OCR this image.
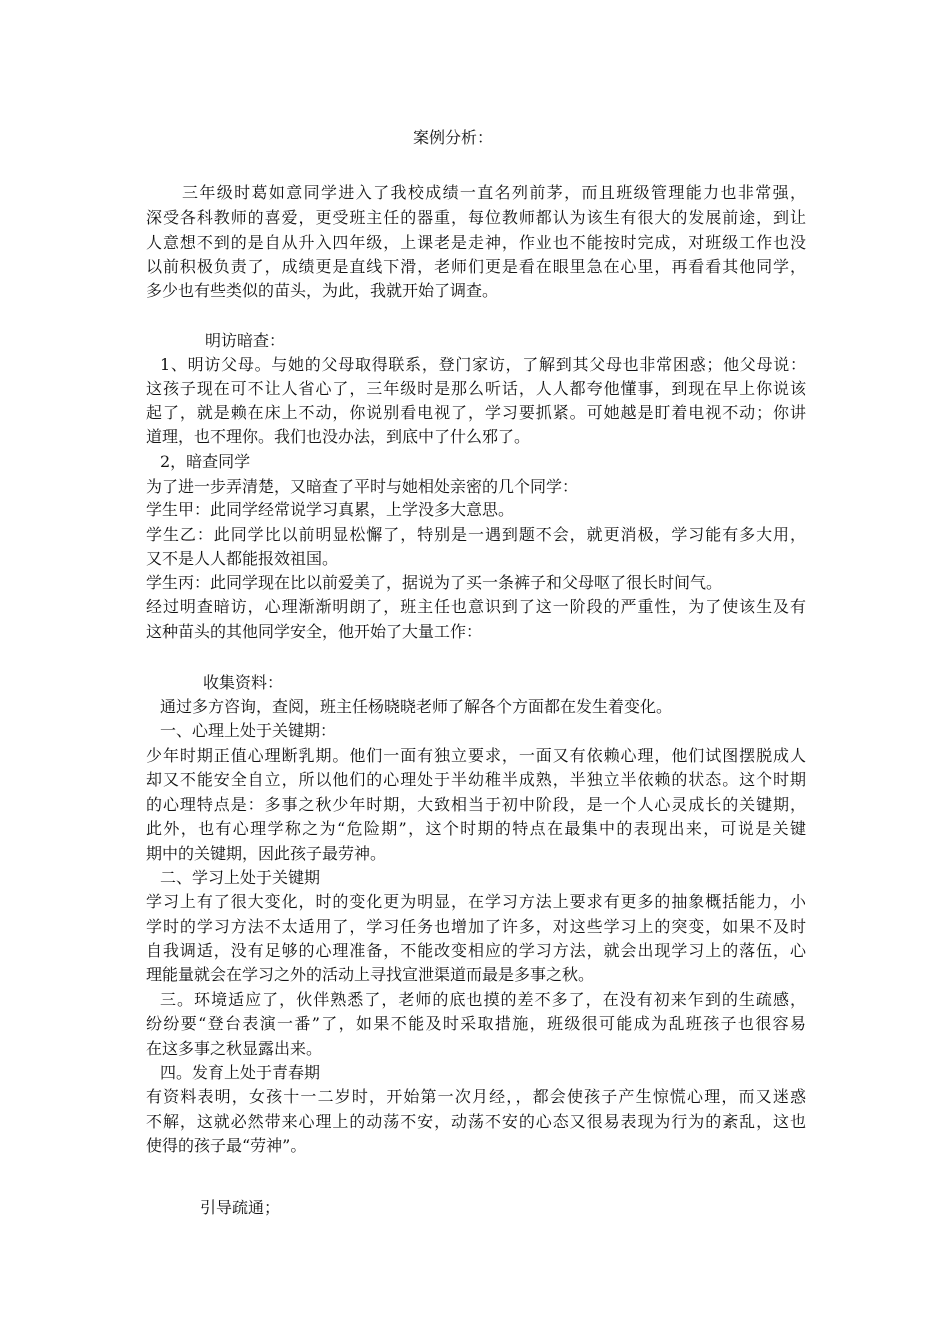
案例分析：
三年级时葛如意同学进入了我校成绩一直名列前茅，而且班级管理能力也非常强，
深受各科教师的喜爱，更受班主任的器重，每位教师都认为该生有很大的发展前途，到让
人意想不到的是自从升入四年级，上课老是走神，作业也不能按时完成，对班级工作也没
以前积极负责了，成绩更是直线下滑，老师们更是看在眼里急在心里，再看看其他同学，
多少也有些类似的苗头，为此，我就开始了调查。
明访暗查：
1、明访父母。与她的父母取得联系，登门家访，了解到其父母也非常困惑；他父母说：
这孩子现在可不让人省心了，三年级时是那么听话，人人都夸他懂事，到现在早上你说该
起了，就是赖在床上不动，你说别看电视了，学习要抓紧。可她越是盯着电视不动；你讲
道理，也不理你。我们也没办法，到底中了什么邪了。
2，暗查同学
为了进一步弄清楚，又暗查了平时与她相处亲密的几个同学：
学生甲：此同学经常说学习真累，上学没多大意思。
学生乙：此同学比以前明显松懈了，特别是一遇到题不会，就更消极，学习能有多大用，
又不是人人都能报效祖国。
学生丙：此同学现在比以前爱美了，据说为了买一条裤子和父母呕了很长时间气。
经过明查暗访，心理渐渐明朗了，班主任也意识到了这一阶段的严重性，为了使该生及有
这种苗头的其他同学安全，他开始了大量工作：
收集资料：
通过多方咨询，查阅，班主任杨晓晓老师了解各个方面都在发生着变化。
一、心理上处于关键期：
少年时期正值心理断乳期。他们一面有独立要求，一面又有依赖心理，他们试图摆脱成人
却又不能安全自立，所以他们的心理处于半幼稚半成熟，半独立半依赖的状态。这个时期
的心理特点是：多事之秋少年时期，大致相当于初中阶段，是一个人心灵成长的关键期，
此外，也有心理学称之为“危险期”，这个时期的特点在最集中的表现出来，可说是关键
期中的关键期，因此孩子最劳神。
二、学习上处于关键期
学习上有了很大变化，时的变化更为明显，在学习方法上要求有更多的抽象概括能力，小
学时的学习方法不太适用了，学习任务也增加了许多，对这些学习上的突变，如果不及时
自我调适，没有足够的心理准备，不能改变相应的学习方法，就会出现学习上的落伍，心
理能量就会在学习之外的活动上寻找宣泄渠道而最是多事之秋。
三。环境适应了，伙伴熟悉了，老师的底也摸的差不多了，在没有初来乍到的生疏感，
纷纷要“登台表演一番”了，如果不能及时采取措施，班级很可能成为乱班孩子也很容易
在这多事之秋显露出来。
四。发育上处于青春期
有资料表明，女孩十一二岁时，开始第一次月经，，都会使孩子产生惊慌心理，而又迷惑
不解，这就必然带来心理上的动荡不安，动荡不安的心态又很易表现为行为的紊乱，这也
使得的孩子最“劳神”。
引导疏通；
